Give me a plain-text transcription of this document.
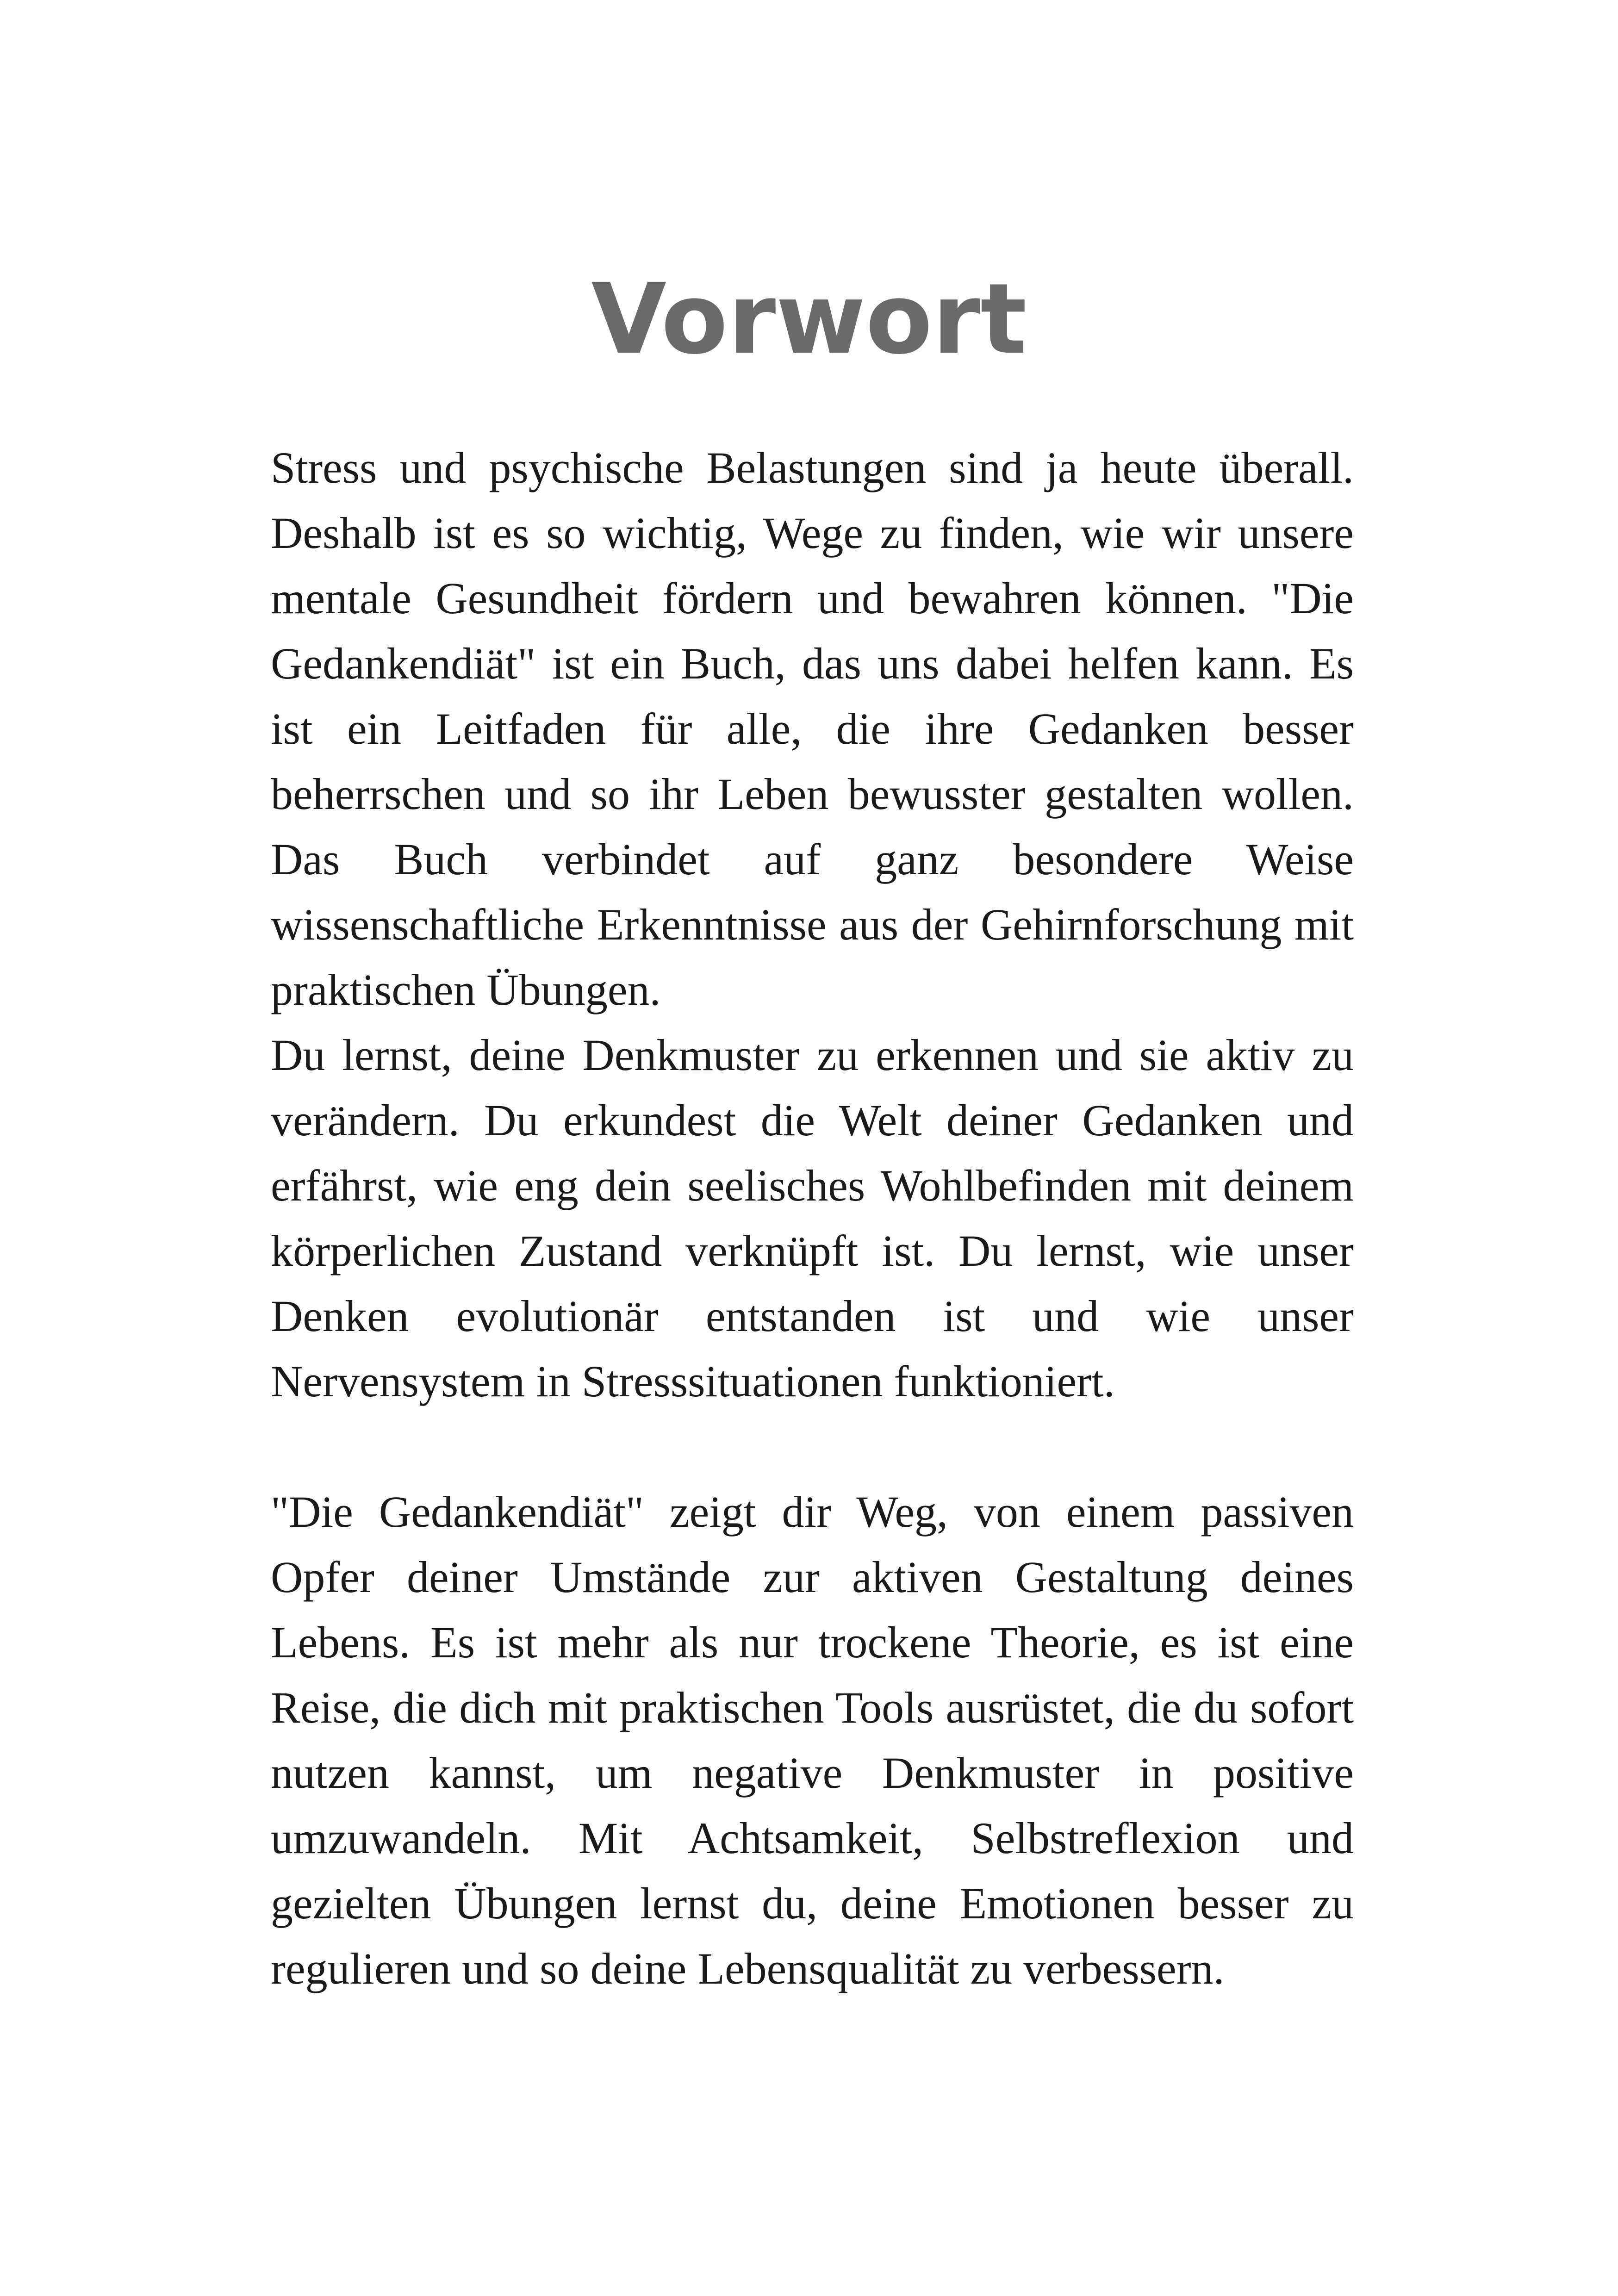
Vorwort

Stress und psychische Belastungen sind ja heute überall. Deshalb ist es so wichtig, Wege zu finden, wie wir unsere mentale Gesundheit fördern und bewahren können. "Die Gedankendiät" ist ein Buch, das uns dabei helfen kann. Es ist ein Leitfaden für alle, die ihre Gedanken besser beherrschen und so ihr Leben bewusster gestalten wollen. Das Buch verbindet auf ganz besondere Weise wissenschaftliche Erkenntnisse aus der Gehirnforschung mit praktischen Übungen.

Du lernst, deine Denkmuster zu erkennen und sie aktiv zu verändern. Du erkundest die Welt deiner Gedanken und erfährst, wie eng dein seelisches Wohlbefinden mit deinem körperlichen Zustand verknüpft ist. Du lernst, wie unser Denken evolutionär entstanden ist und wie unser Nervensystem in Stresssituationen funktioniert.

"Die Gedankendiät" zeigt dir Weg, von einem passiven Opfer deiner Umstände zur aktiven Gestaltung deines Lebens. Es ist mehr als nur trockene Theorie, es ist eine Reise, die dich mit praktischen Tools ausrüstet, die du sofort nutzen kannst, um negative Denkmuster in positive umzuwandeln. Mit Achtsamkeit, Selbstreflexion und gezielten Übungen lernst du, deine Emotionen besser zu regulieren und so deine Lebensqualität zu verbessern.
